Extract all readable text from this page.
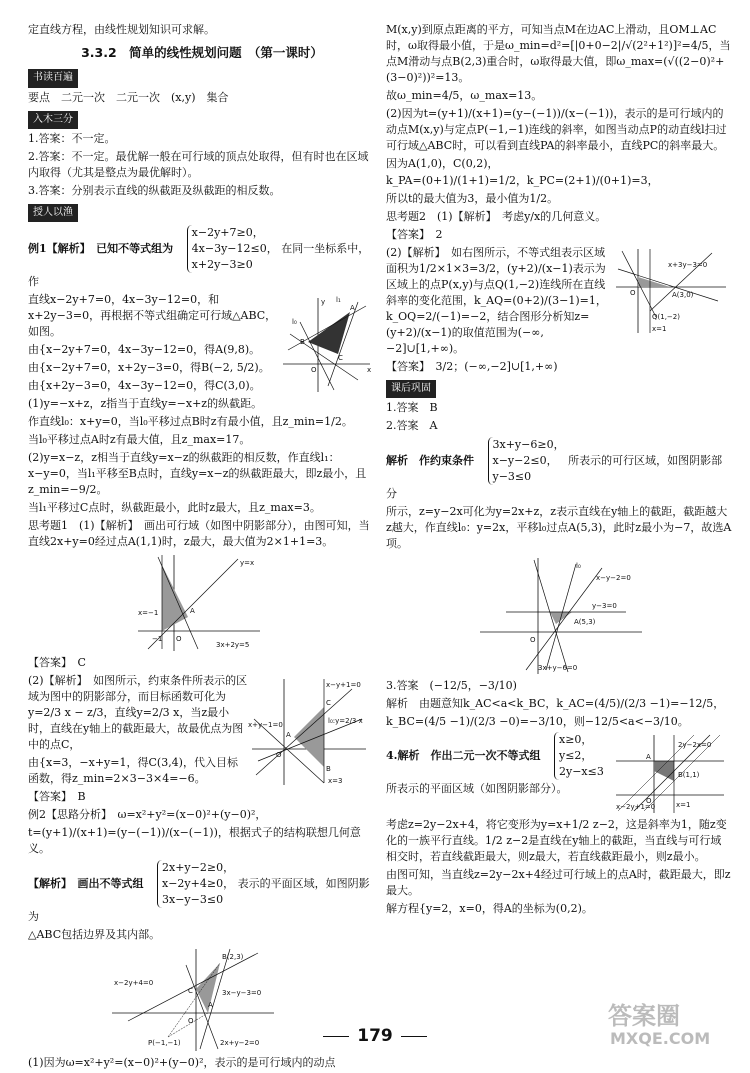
定直线方程，由线性规划知识可求解。

3.3.2　简单的线性规划问题　（第一课时）
书读百遍

要点　二元一次　二元一次　(x,y)　集合

入木三分

1.答案：不一定。

2.答案：不一定。最优解一般在可行域的顶点处取得，但有时也在区域内取得（尤其是整点为最优解时）。

3.答案：分别表示直线的纵截距及纵截距的相反数。

授人以渔

例1【解析】　已知不等式组为
x−2y+7≥0，
4x−3y−12≤0，
x+2y−3≥0
在同一坐标系中，作

直线x−2y+7=0，4x−3y−12=0，和x+2y−3=0，再根据不等式组确定可行域△ABC，如图。

由{x−2y+7=0，4x−3y−12=0，得A(9,8)。

由{x−2y+7=0，x+2y−3=0，得B(−2, 5/2)。

由{x+2y−3=0，4x−3y−12=0，得C(3,0)。

A
B
C
O	x
y
l₀
l₁

(1)y=−x+z，z指当于直线y=−x+z的纵截距。

作直线l₀：x+y=0，当l₀平移过点B时z有最小值，且z_min=1/2。

当l₀平移过点A时z有最大值，且z_max=17。

(2)y=x−z，z相当于直线y=x−z的纵截距的相反数，作直线l₁：x−y=0，当l₁平移至B点时，直线y=x−z的纵截距最大，即z最小，且z_min=−9/2。

当l₁平移过C点时，纵截距最小，此时z最大，且z_max=3。

思考题1　(1)【解析】　画出可行域（如图中阴影部分），由图可知，当直线2x+y=0经过点A(1,1)时，z最大，最大值为2×1+1=3。

y=x
x=−1
3x+2y=5
A
O
−1

【答案】　C

(2)【解析】　如图所示，约束条件所表示的区域为图中的阴影部分，而目标函数可化为y=2/3 x − z/3，直线y=2/3 x，当z最小时，直线在y轴上的截距最大，故最优点为图中的点C，

由{x=3，−x+y=1，得C(3,4)，代入目标函数，得z_min=2×3−3×4=−6。

x−y+1=0
x+y−1=0	l₀:y=2/3 x
x=3
C
A
B
O

【答案】　B

例2【思路分析】　ω=x²+y²=(x−0)²+(y−0)²，

t=(y+1)/(x+1)=(y−(−1))/(x−(−1))，根据式子的结构联想几何意义。

【解析】　画出不等式组
2x+y−2≥0，
x−2y+4≥0，
3x−y−3≤0
表示的平面区域，如图阴影为

△ABC包括边界及其内部。

B(2,3)
x−2y+4=0
3x−y−3=0
2x+y−2=0
P(−1,−1)
C
A
O

(1)因为ω=x²+y²=(x−0)²+(y−0)²，表示的是可行域内的动点

M(x,y)到原点距离的平方，可知当点M在边AC上滑动，且OM⊥AC时，ω取得最小值，于是ω_min=d²=[|0+0−2|/√(2²+1²)]²=4/5，当点M滑动与点B(2,3)重合时，ω取得最大值，即ω_max=(√((2−0)²+(3−0)²))²=13。

故ω_min=4/5，ω_max=13。

(2)因为t=(y+1)/(x+1)=(y−(−1))/(x−(−1))，表示的是可行域内的动点M(x,y)与定点P(−1,−1)连线的斜率，如图当动点P的动直线l扫过可行域△ABC时，可以看到直线PA的斜率最小，直线PC的斜率最大。

因为A(1,0)，C(0,2)，

k_PA=(0+1)/(1+1)=1/2，k_PC=(2+1)/(0+1)=3，

所以t的最大值为3，最小值为1/2。

思考题2　(1)【解析】　考虑y/x的几何意义。

【答案】　2

(2)【解析】　如右图所示，不等式组表示区域面积为1/2×1×3=3/2，(y+2)/(x−1)表示为区域上的点P(x,y)与点Q(1,−2)连线所在直线斜率的变化范围，k_AQ=(0+2)/(3−1)=1，k_OQ=2/(−1)=−2，结合图形分析知z=(y+2)/(x−1)的取值范围为(−∞,−2]∪[1,+∞)。

x+3y−3=0
A(3,0)
Q(1,−2)
O
x=1

【答案】　3/2；(−∞,−2]∪[1,+∞)

课后巩固

1.答案　B

2.答案　A

解析　作约束条件
3x+y−6≥0，
x−y−2≤0，
y−3≤0
所表示的可行区域，如图阴影部分

所示，z=y−2x可化为y=2x+z，z表示直线在y轴上的截距，截距越大z越大，作直线l₀：y=2x，平移l₀过点A(5,3)，此时z最小为−7，故选A项。

x−y−2=0
y−3=0
3x+y−6=0
A(5,3)
l₀
O

3.答案　(−12/5，−3/10)

解析　由题意知k_AC<a<k_BC，k_AC=(4/5)/(2/3 −1)=−12/5，

k_BC=(4/5 −1)/(2/3 −0)=−3/10，则−12/5<a<−3/10。

4.解析　作出二元一次不等式组
x≥0，
y≤2，
2y−x≤3
所表示的平面区域（如图阴影部分）。

2y−2x=0
x−2y+1=0
A
B(1,1)
x=1
O

考虑z=2y−2x+4，将它变形为y=x+1/2 z−2，这是斜率为1，随z变化的一族平行直线。1/2 z−2是直线在y轴上的截距，当直线与可行域相交时，若直线截距最大，则z最大，若直线截距最小，则z最小。

由图可知，当直线z=2y−2x+4经过可行域上的点A时，截距最大，即z最大。

解方程{y=2，x=0，得A的坐标为(0,2)。

179
答案圈
MXQE.COM
